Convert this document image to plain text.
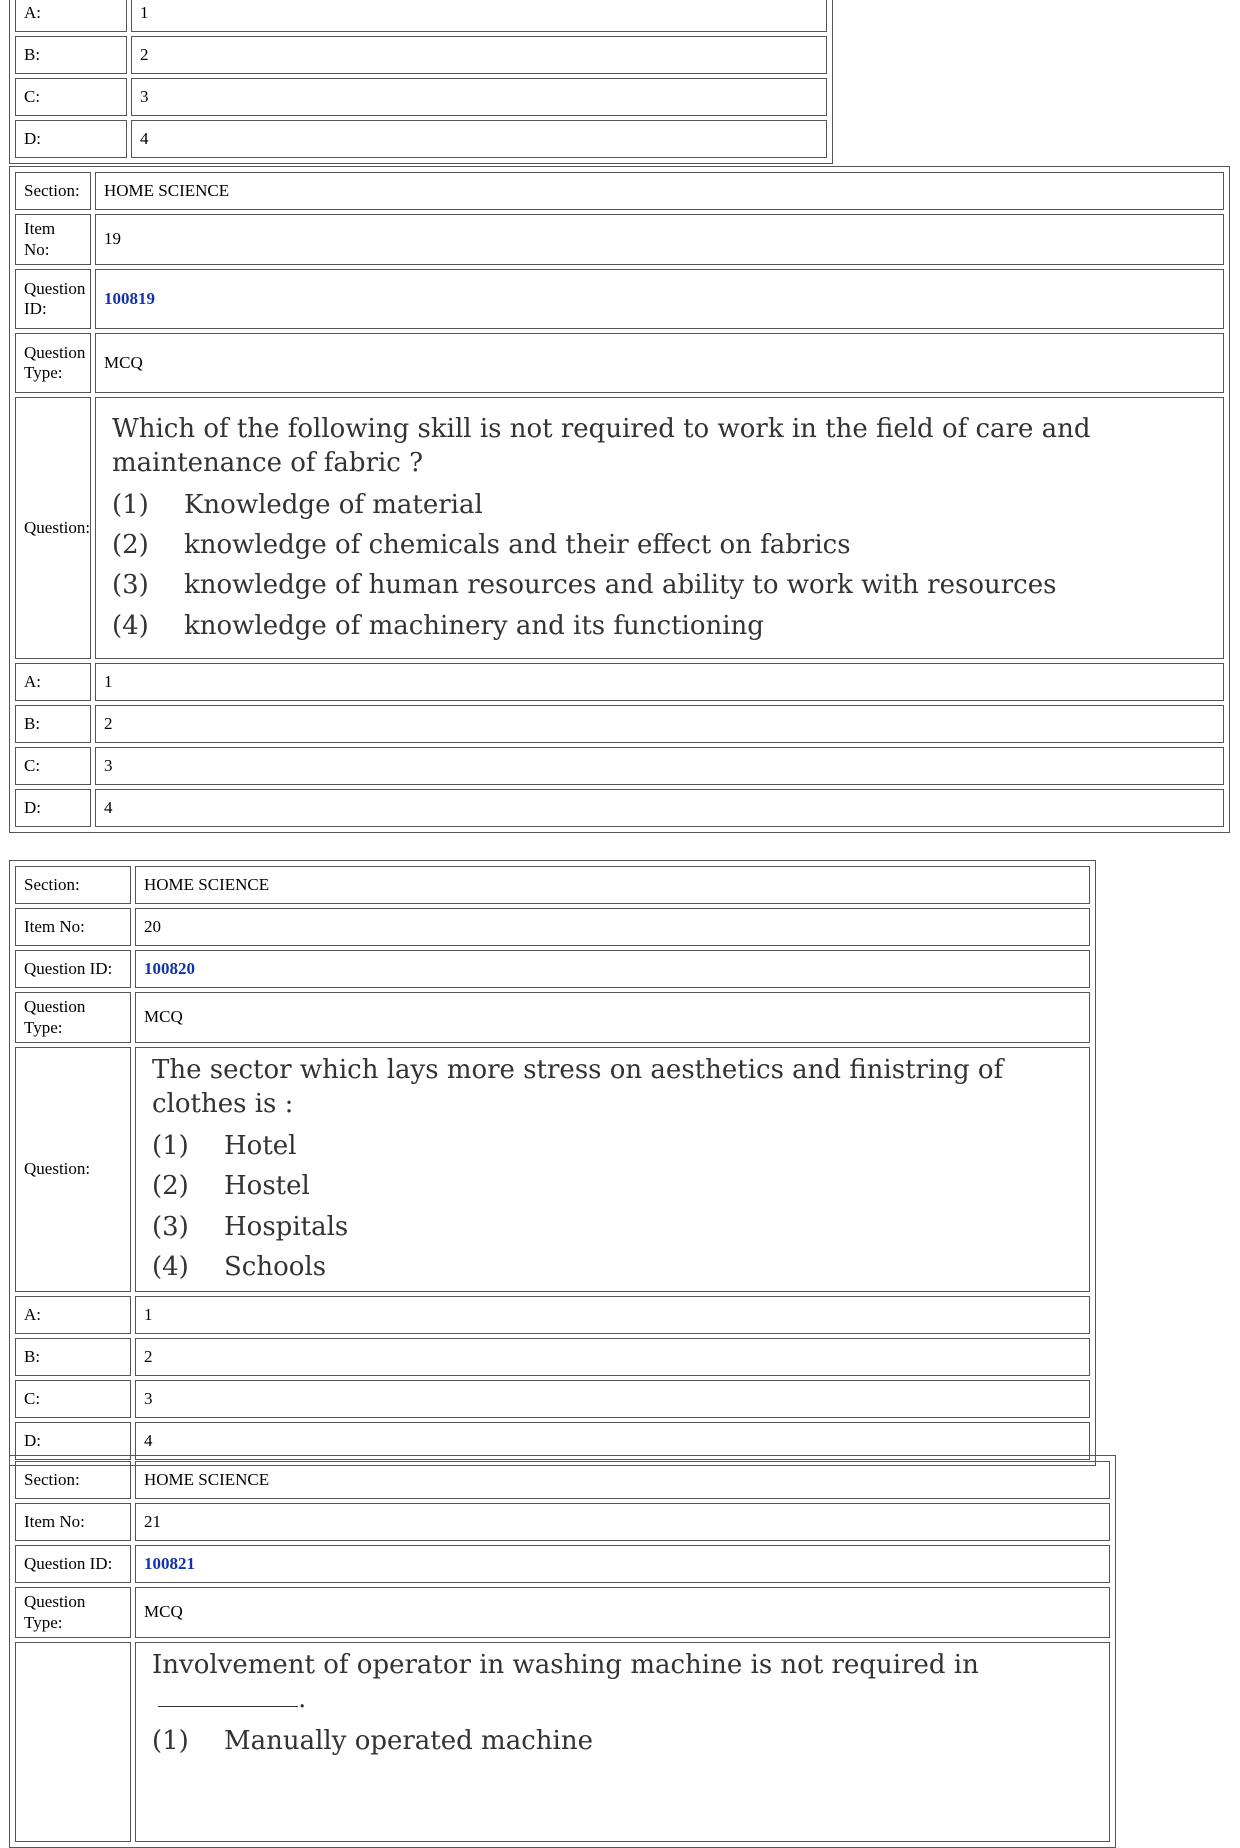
A:	1
B:	2
C:	3
D:	4
Section:	HOME SCIENCE
Item No:	19
Question
ID:	100819
Question
Type:	MCQ
Question:	Which of the following skill is not required to work in the field of care and maintenance of fabric ?
(1) Knowledge of material
(2) knowledge of chemicals and their effect on fabrics
(3) knowledge of human resources and ability to work with resources
(4) knowledge of machinery and its functioning

A:	1
B:	2
C:	3
D:	4
Section:	HOME SCIENCE
Item No:	20
Question ID:	100820
Question Type:	MCQ
Question:	The sector which lays more stress on aesthetics and finistring of clothes is :
(1) Hotel
(2) Hostel
(3) Hospitals
(4) Schools

A:	1
B:	2
C:	3
D:	4
Section:	HOME SCIENCE
Item No:	21
Question ID:	100821
Question Type:	MCQ

	Involvement of operator in washing machine is not required in.
(1) Manually operated machine
